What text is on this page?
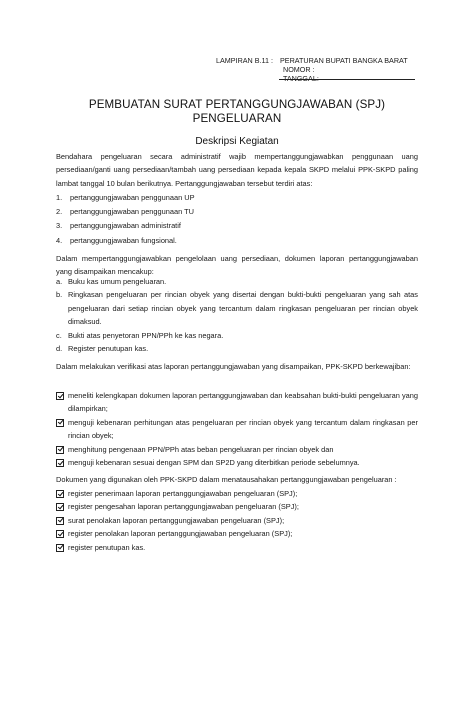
LAMPIRAN B.11 : PERATURAN BUPATI BANGKA BARAT
NOMOR :
TANGGAL:
PEMBUATAN SURAT PERTANGGUNGJAWABAN (SPJ)
PENGELUARAN
Deskripsi Kegiatan
Bendahara pengeluaran secara administratif wajib mempertanggungjawabkan penggunaan uang persediaan/ganti uang persediaan/tambah uang persediaan kepada kepala SKPD melalui PPK-SKPD paling lambat tanggal 10 bulan berikutnya. Pertanggungjawaban tersebut terdiri atas:
1. pertanggungjawaban penggunaan UP
2. pertanggungjawaban penggunaan TU
3. pertanggungjawaban administratif
4. pertanggungjawaban fungsional.
Dalam mempertanggungjawabkan pengelolaan uang persediaan, dokumen laporan pertanggungjawaban yang disampaikan mencakup:
a. Buku kas umum pengeluaran.
b. Ringkasan pengeluaran per rincian obyek yang disertai dengan bukti-bukti pengeluaran yang sah atas pengeluaran dari setiap rincian obyek yang tercantum dalam ringkasan pengeluaran per rincian obyek dimaksud.
c. Bukti atas penyetoran PPN/PPh ke kas negara.
d. Register penutupan kas.
Dalam melakukan verifikasi atas laporan pertanggungjawaban yang disampaikan, PPK-SKPD berkewajiban:
meneliti kelengkapan dokumen laporan pertanggungjawaban dan keabsahan bukti-bukti pengeluaran yang dilampirkan;
menguji kebenaran perhitungan atas pengeluaran per rincian obyek yang tercantum dalam ringkasan per rincian obyek;
menghitung pengenaan PPN/PPh atas beban pengeluaran per rincian obyek dan
menguji kebenaran sesuai dengan SPM dan SP2D yang diterbitkan periode sebelumnya.
Dokumen yang digunakan oleh PPK-SKPD dalam menatausahakan pertanggungjawaban pengeluaran :
register penerimaan laporan pertanggungjawaban pengeluaran (SPJ);
register pengesahan laporan pertanggungjawaban pengeluaran (SPJ);
surat penolakan laporan pertanggungjawaban pengeluaran (SPJ);
register penolakan laporan pertanggungjawaban pengeluaran (SPJ);
register penutupan kas.
